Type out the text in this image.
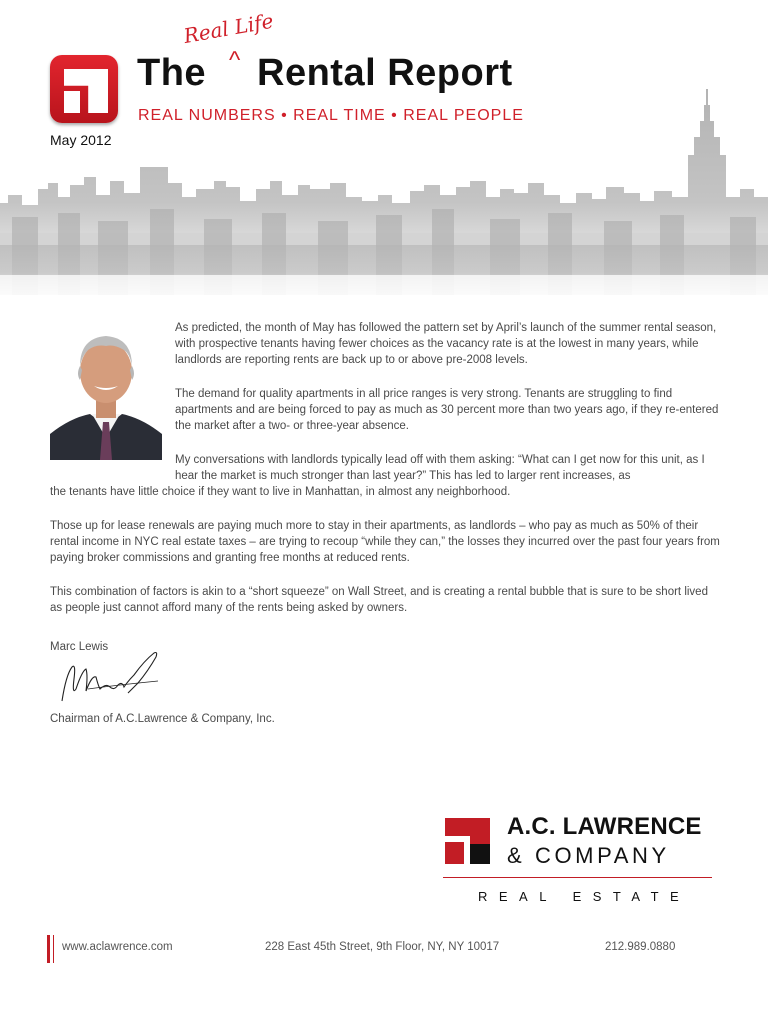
Real Life
^
The Rental Report
REAL NUMBERS • REAL TIME • REAL PEOPLE
May 2012

As predicted, the month of May has followed the pattern set by April’s launch of the summer rental season, with prospective tenants having fewer choices as the vacancy rate is at the lowest in many years, while landlords are reporting rents are back up to or above pre-2008 levels.

The demand for quality apartments in all price ranges is very strong. Tenants are struggling to find apartments and are being forced to pay as much as 30 percent more than two years ago, if they re-entered the market after a two- or three-year absence.

My conversations with landlords typically lead off with them asking: “What can I get now for this unit, as I hear the market is much stronger than last year?” This has led to larger rent increases, as

the tenants have little choice if they want to live in Manhattan, in almost any neighborhood.

Those up for lease renewals are paying much more to stay in their apartments, as landlords – who pay as much as 50% of their rental income in NYC real estate taxes – are trying to recoup “while they can,” the losses they incurred over the past four years from paying broker commissions and granting free months at reduced rents.

This combination of factors is akin to a “short squeeze” on Wall Street, and is creating a rental bubble that is sure to be short lived as people just cannot afford many of the rents being asked by owners.

Marc Lewis
Chairman of A.C.Lawrence & Company, Inc.
A.C. LAWRENCE
& COMPANY
REAL ESTATE
www.aclawrence.com	228 East 45th Street, 9th Floor, NY, NY 10017	212.989.0880
